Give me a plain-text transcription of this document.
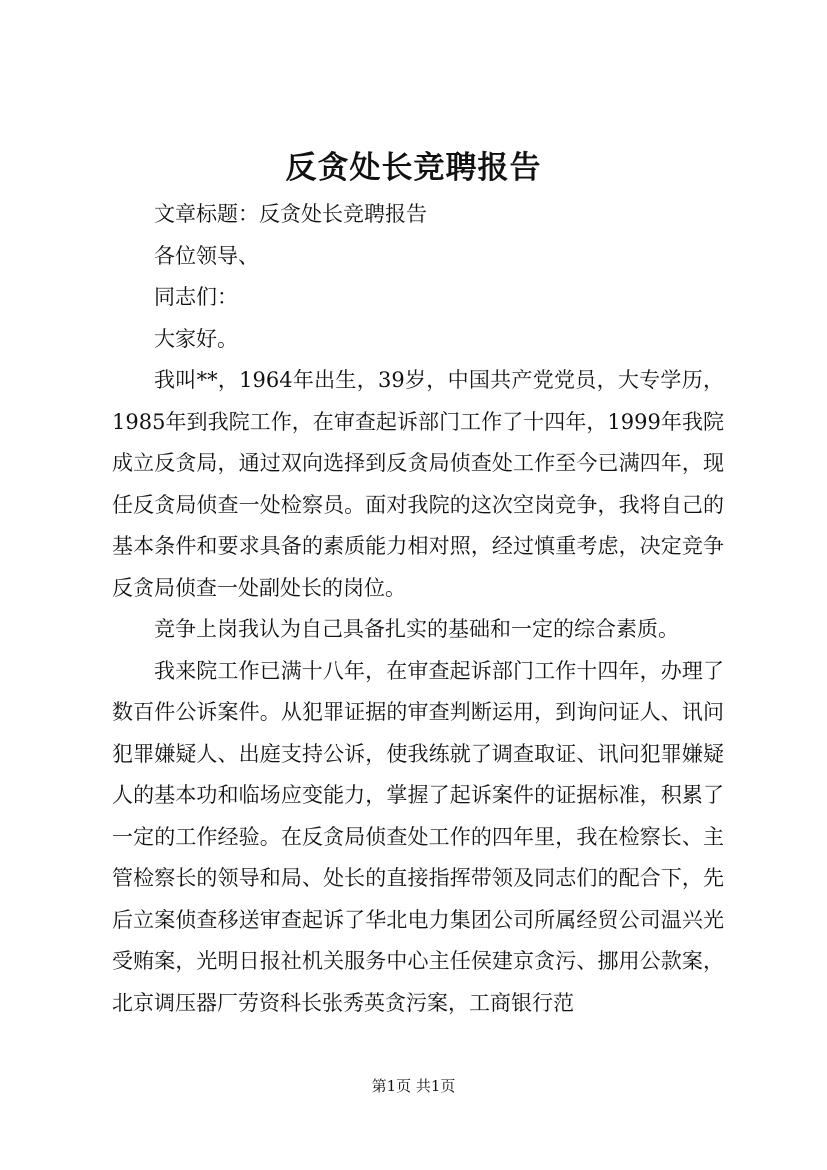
反贪处长竞聘报告

文章标题：反贪处长竞聘报告

各位领导、

同志们：

大家好。

我叫**，1964年出生，39岁，中国共产党党员，大专学历，1985年到我院工作，在审查起诉部门工作了十四年，1999年我院成立反贪局，通过双向选择到反贪局侦查处工作至今已满四年，现任反贪局侦查一处检察员。面对我院的这次空岗竞争，我将自己的基本条件和要求具备的素质能力相对照，经过慎重考虑，决定竞争反贪局侦查一处副处长的岗位。

竞争上岗我认为自己具备扎实的基础和一定的综合素质。

我来院工作已满十八年，在审查起诉部门工作十四年，办理了数百件公诉案件。从犯罪证据的审查判断运用，到询问证人、讯问犯罪嫌疑人、出庭支持公诉，使我练就了调查取证、讯问犯罪嫌疑人的基本功和临场应变能力，掌握了起诉案件的证据标准，积累了一定的工作经验。在反贪局侦查处工作的四年里，我在检察长、主管检察长的领导和局、处长的直接指挥带领及同志们的配合下，先后立案侦查移送审查起诉了华北电力集团公司所属经贸公司温兴光受贿案，光明日报社机关服务中心主任侯建京贪污、挪用公款案，北京调压器厂劳资科长张秀英贪污案，工商银行范

第1页 共1页
